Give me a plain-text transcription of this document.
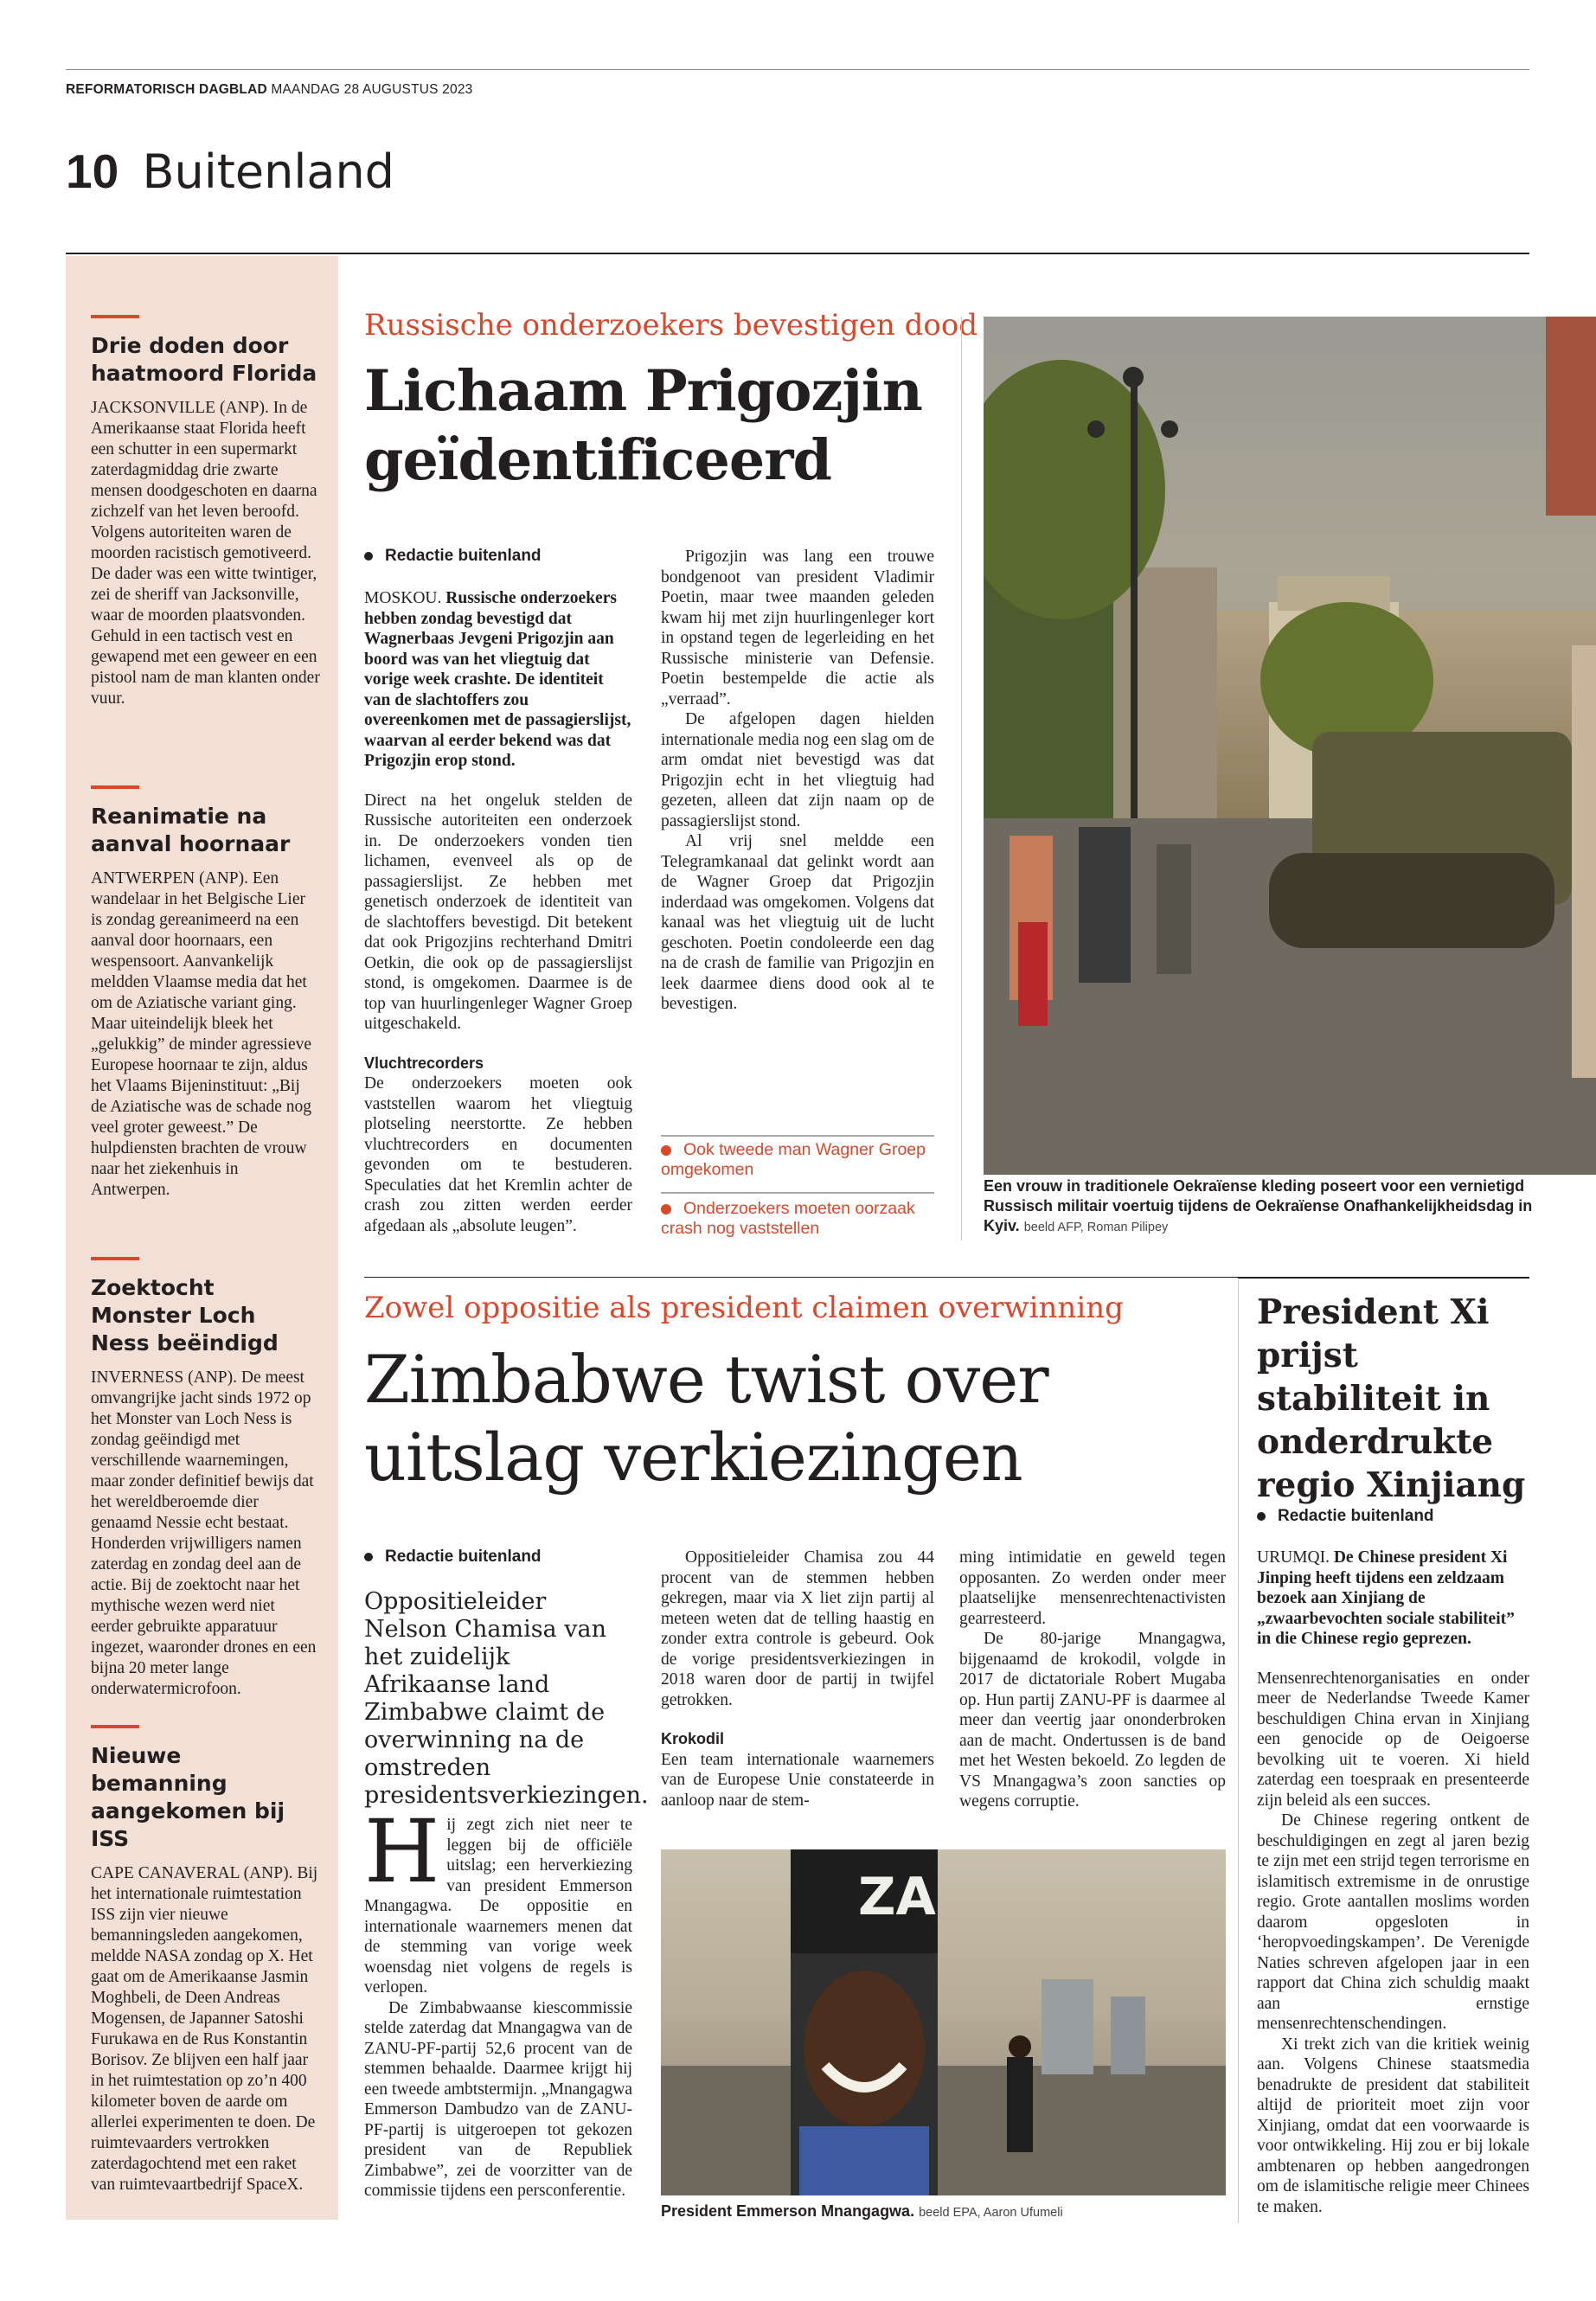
REFORMATORISCH DAGBLAD MAANDAG 28 AUGUSTUS 2023
10 Buitenland
Drie doden door haatmoord Florida
JACKSONVILLE (ANP). In de Amerikaanse staat Florida heeft een schutter in een supermarkt zaterdagmiddag drie zwarte mensen doodgeschoten en daarna zichzelf van het leven beroofd. Volgens autoriteiten waren de moorden racistisch gemotiveerd. De dader was een witte twintiger, zei de sheriff van Jacksonville, waar de moorden plaatsvonden. Gehuld in een tactisch vest en gewapend met een geweer en een pistool nam de man klanten onder vuur.
Reanimatie na aanval hoornaar
ANTWERPEN (ANP). Een wandelaar in het Belgische Lier is zondag gereanimeerd na een aanval door hoornaars, een wespensoort. Aanvankelijk meldden Vlaamse media dat het om de Aziatische variant ging. Maar uiteindelijk bleek het „gelukkig” de minder agressieve Europese hoornaar te zijn, aldus het Vlaams Bijeninstituut: „Bij de Aziatische was de schade nog veel groter geweest.” De hulpdiensten brachten de vrouw naar het ziekenhuis in Antwerpen.
Zoektocht Monster Loch Ness beëindigd
INVERNESS (ANP). De meest omvangrijke jacht sinds 1972 op het Monster van Loch Ness is zondag geëindigd met verschillende waarnemingen, maar zonder definitief bewijs dat het wereldberoemde dier genaamd Nessie echt bestaat. Honderden vrijwilligers namen zaterdag en zondag deel aan de actie. Bij de zoektocht naar het mythische wezen werd niet eerder gebruikte apparatuur ingezet, waaronder drones en een bijna 20 meter lange onderwatermicrofoon.
Nieuwe bemanning aangekomen bij ISS
CAPE CANAVERAL (ANP). Bij het internationale ruimtestation ISS zijn vier nieuwe bemanningsleden aangekomen, meldde NASA zondag op X. Het gaat om de Amerikaanse Jasmin Moghbeli, de Deen Andreas Mogensen, de Japanner Satoshi Furukawa en de Rus Konstantin Borisov. Ze blijven een half jaar in het ruimtestation op zo’n 400 kilometer boven de aarde om allerlei experimenten te doen. De ruimtevaarders vertrokken zaterdagochtend met een raket van ruimtevaartbedrijf SpaceX.
Russische onderzoekers bevestigen dood
Lichaam Prigozjin geïdentificeerd
Redactie buitenland

MOSKOU. Russische onderzoekers hebben zondag bevestigd dat Wagnerbaas Jevgeni Prigozjin aan boord was van het vliegtuig dat vorige week crashte. De identiteit van de slachtoffers zou overeenkomen met de passagierslijst, waarvan al eerder bekend was dat Prigozjin erop stond.

Direct na het ongeluk stelden de Russische autoriteiten een onderzoek in. De onderzoekers vonden tien lichamen, evenveel als op de passagierslijst. Ze hebben met genetisch onderzoek de identiteit van de slachtoffers bevestigd. Dit betekent dat ook Prigozjins rechterhand Dmitri Oetkin, die ook op de passagierslijst stond, is omgekomen. Daarmee is de top van huurlingenleger Wagner Groep uitgeschakeld.

Vluchtrecorders

De onderzoekers moeten ook vaststellen waarom het vliegtuig plotseling neerstortte. Ze hebben vluchtrecorders en documenten gevonden om te bestuderen. Speculaties dat het Kremlin achter de crash zou zitten werden eerder afgedaan als „absolute leugen”.

Prigozjin was lang een trouwe bondgenoot van president Vladimir Poetin, maar twee maanden geleden kwam hij met zijn huurlingenleger kort in opstand tegen de legerleiding en het Russische ministerie van Defensie. Poetin bestempelde die actie als „verraad”.

De afgelopen dagen hielden internationale media nog een slag om de arm omdat niet bevestigd was dat Prigozjin echt in het vliegtuig had gezeten, alleen dat zijn naam op de passagierslijst stond.

Al vrij snel meldde een Telegramkanaal dat gelinkt wordt aan de Wagner Groep dat Prigozjin inderdaad was omgekomen. Volgens dat kanaal was het vliegtuig uit de lucht geschoten. Poetin condoleerde een dag na de crash de familie van Prigozjin en leek daarmee diens dood ook al te bevestigen.

Ook tweede man Wagner Groep omgekomen
Onderzoekers moeten oorzaak crash nog vaststellen
Een vrouw in traditionele Oekraïense kleding poseert voor een vernietigd Russisch militair voertuig tijdens de Oekraïense Onafhankelijkheidsdag in Kyiv. beeld AFP, Roman Pilipey
Zowel oppositie als president claimen overwinning
Zimbabwe twist over uitslag verkiezingen
Redactie buitenland
Oppositieleider Nelson Chamisa van het zuidelijk Afrikaanse land Zimbabwe claimt de overwinning na de omstreden presidentsverkiezingen.

Hij zegt zich niet neer te leggen bij de officiële uitslag; een herverkiezing van president Emmerson Mnangagwa. De oppositie en internationale waarnemers menen dat de stemming van vorige week woensdag niet volgens de regels is verlopen.

De Zimbabwaanse kiescommissie stelde zaterdag dat Mnangagwa van de ZANU-PF-partij 52,6 procent van de stemmen behaalde. Daarmee krijgt hij een tweede ambtstermijn. „Mnangagwa Emmerson Dambudzo van de ZANU-PF-partij is uitgeroepen tot gekozen president van de Republiek Zimbabwe”, zei de voorzitter van de commissie tijdens een persconferentie.

Oppositieleider Chamisa zou 44 procent van de stemmen hebben gekregen, maar via X liet zijn partij al meteen weten dat de telling haastig en zonder extra controle is gebeurd. Ook de vorige presidentsverkiezingen in 2018 waren door de partij in twijfel getrokken.

Krokodil

Een team internationale waarnemers van de Europese Unie constateerde in aanloop naar de stem-

ming intimidatie en geweld tegen opposanten. Zo werden onder meer plaatselijke mensenrechtenactivisten gearresteerd.

De 80-jarige Mnangagwa, bijgenaamd de krokodil, volgde in 2017 de dictatoriale Robert Mugaba op. Hun partij ZANU-PF is daarmee al meer dan veertig jaar ononderbroken aan de macht. Ondertussen is de band met het Westen bekoeld. Zo legden de VS Mnangagwa’s zoon sancties op wegens corruptie.

ZA
President Emmerson Mnangagwa. beeld EPA, Aaron Ufumeli
President Xi prijst stabiliteit in onderdrukte regio Xinjiang
Redactie buitenland

URUMQI. De Chinese president Xi Jinping heeft tijdens een zeldzaam bezoek aan Xinjiang de „zwaarbevochten sociale stabiliteit” in die Chinese regio geprezen.

Mensenrechtenorganisaties en onder meer de Nederlandse Tweede Kamer beschuldigen China ervan in Xinjiang een genocide op de Oeigoerse bevolking uit te voeren. Xi hield zaterdag een toespraak en presenteerde zijn beleid als een succes.

De Chinese regering ontkent de beschuldigingen en zegt al jaren bezig te zijn met een strijd tegen terrorisme en islamitisch extremisme in de onrustige regio. Grote aantallen moslims worden daarom opgesloten in ‘heropvoedingskampen’. De Verenigde Naties schreven afgelopen jaar in een rapport dat China zich schuldig maakt aan ernstige mensenrechtenschendingen.

Xi trekt zich van die kritiek weinig aan. Volgens Chinese staatsmedia benadrukte de president dat stabiliteit altijd de prioriteit moet zijn voor Xinjiang, omdat dat een voorwaarde is voor ontwikkeling. Hij zou er bij lokale ambtenaren op hebben aangedrongen om de islamitische religie meer Chinees te maken.
